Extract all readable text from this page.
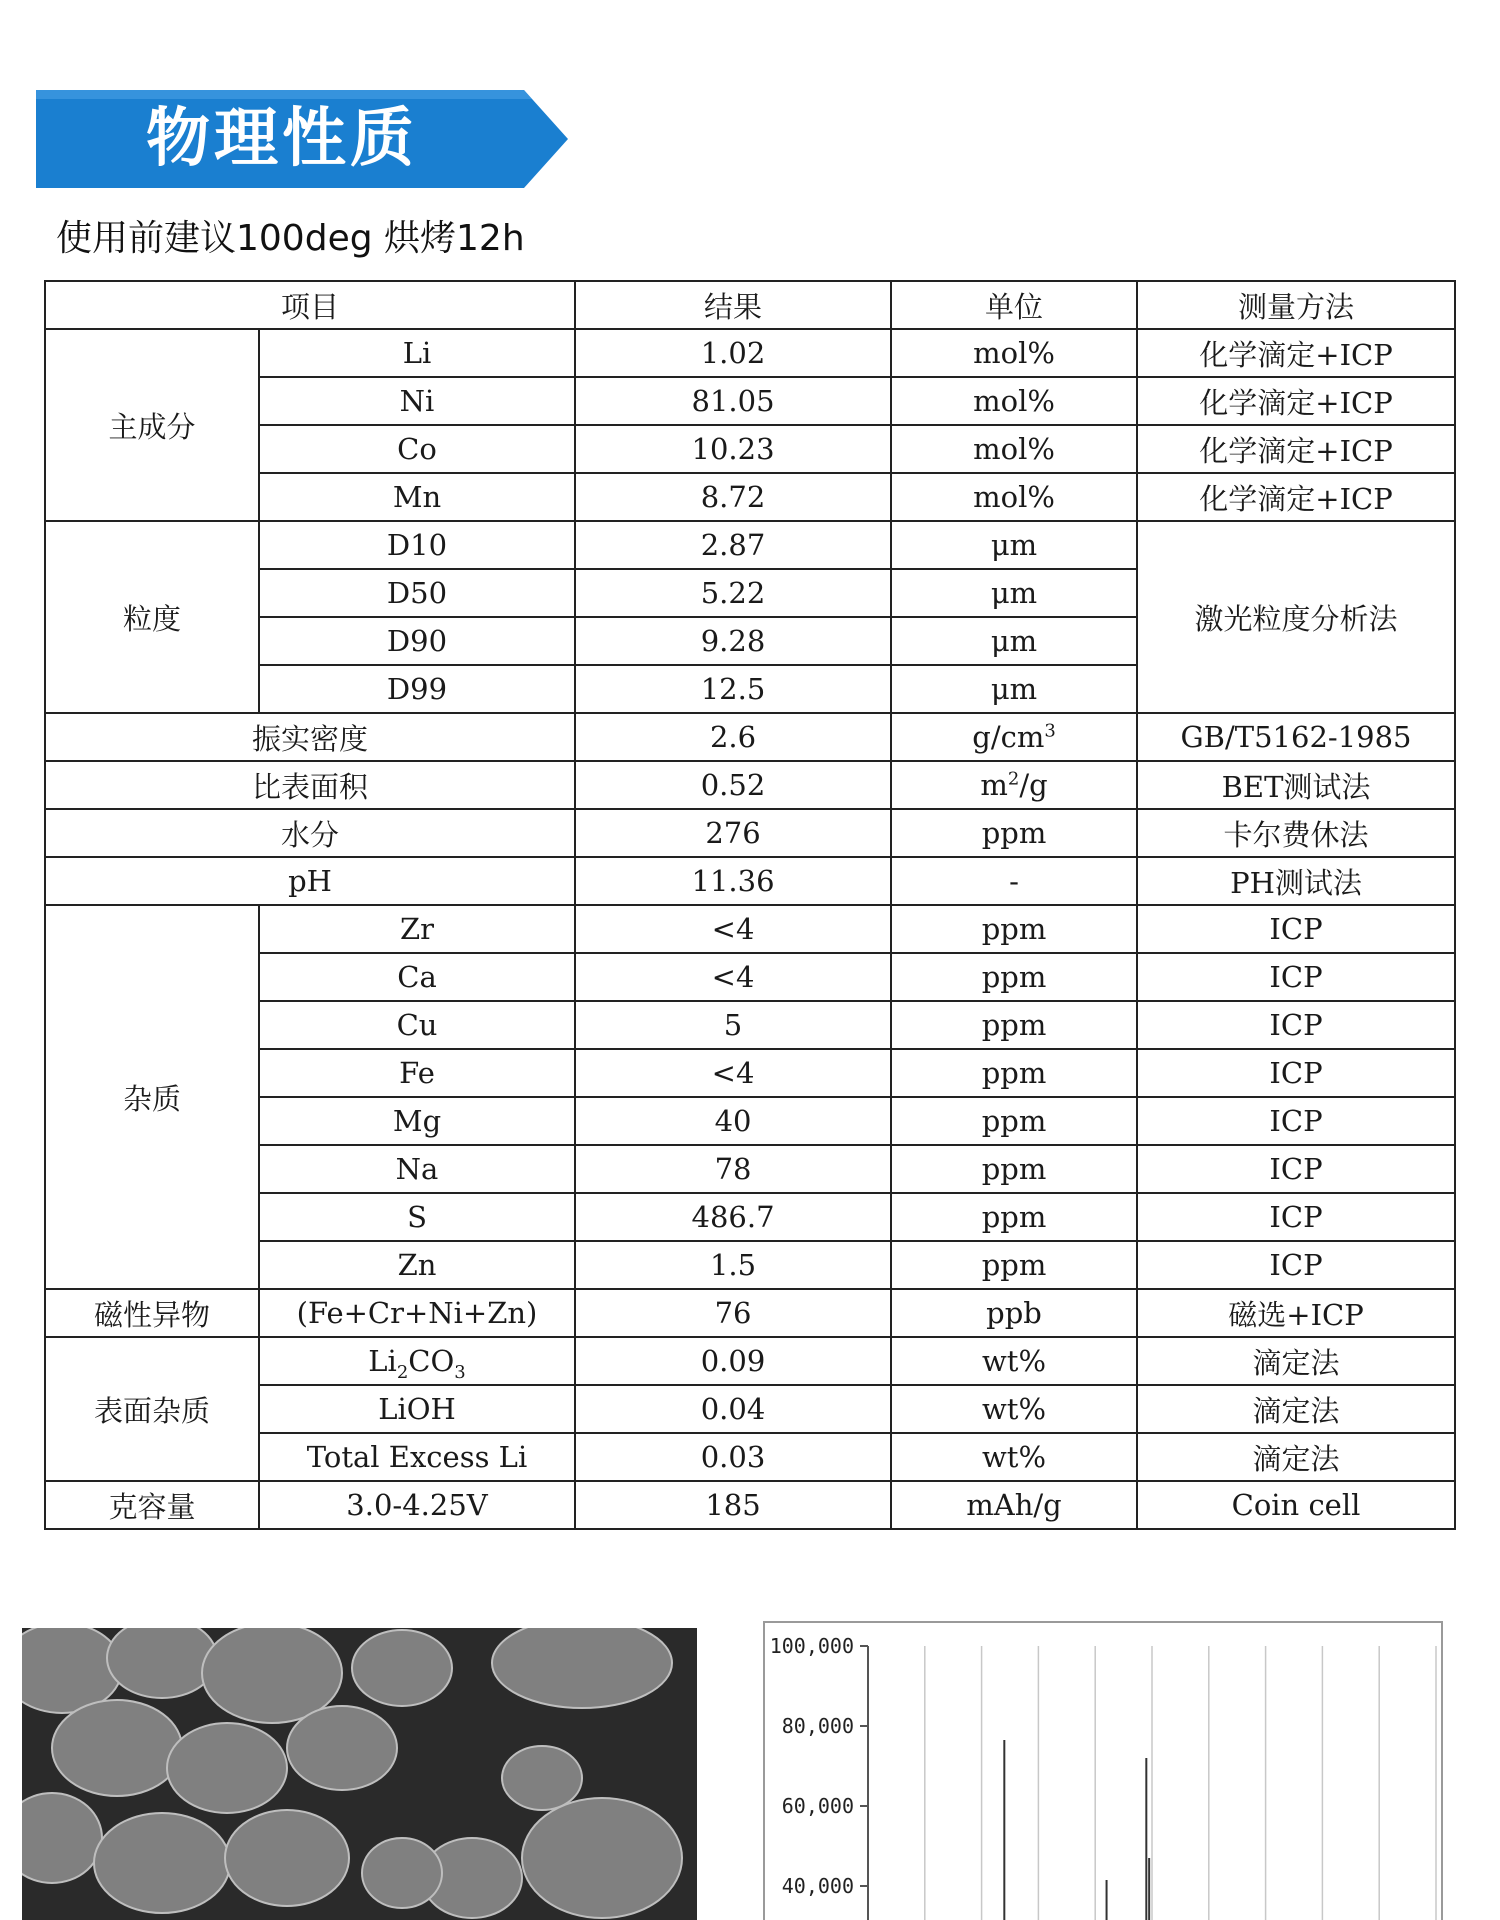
物理性质
使用前建议100deg 烘烤12h
项目		结果	单位	测量方法
主成分	Li	1.02	mol%	化学滴定+ICP
	Ni	81.05	mol%	化学滴定+ICP
	Co	10.23	mol%	化学滴定+ICP
	Mn	8.72	mol%	化学滴定+ICP
粒度	D10	2.87	μm	激光粒度分析法
	D50	5.22	μm	
	D90	9.28	μm	
	D99	12.5	μm	
振实密度		2.6	$g/cm^3$	GB/T5162-1985
比表面积		0.52	$m^2/g$	BET测试法
水分		276	ppm	卡尔费休法
pH		11.36	-	PH测试法
杂质	Zr	<4	ppm	ICP
	Ca	<4	ppm	ICP
	Cu	5	ppm	ICP
	Fe	<4	ppm	ICP
	Mg	40	ppm	ICP
	Na	78	ppm	ICP
	S	486.7	ppm	ICP
	Zn	1.5	ppm	ICP
磁性异物	(Fe+Cr+Ni+Zn)	76	ppb	磁选+ICP
表面杂质	$Li_2CO_3$	0.09	wt%	滴定法
	LiOH	0.04	wt%	滴定法
	Total Excess Li	0.03	wt%	滴定法
克容量	3.0-4.25V	185	mAh/g	Coin cell
100,000
80,000
60,000
40,000
